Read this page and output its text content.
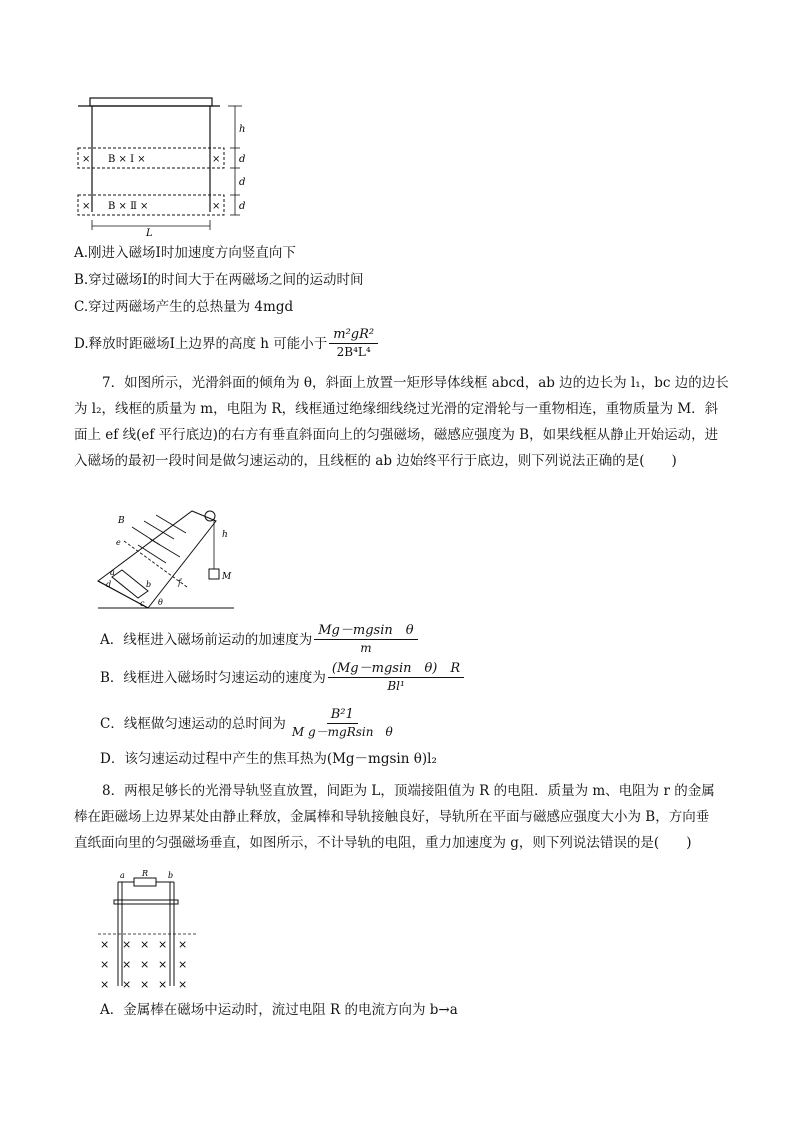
× B × Ⅰ ×	×
× B × Ⅱ ×	×
h
d
d
d
L
A.刚进入磁场Ⅰ时加速度方向竖直向下
B.穿过磁场Ⅰ的时间大于在两磁场之间的运动时间
C.穿过两磁场产生的总热量为 4mgd
D.释放时距磁场Ⅰ上边界的高度 h 可能小于 $\frac{\text{m²gR²}}{\text{2B⁴L⁴}}$
7．如图所示，光滑斜面的倾角为 θ，斜面上放置一矩形导体线框 abcd，ab 边的边长为 l₁，bc 边的边长
为 l₂，线框的质量为 m，电阻为 R，线框通过绝缘细线绕过光滑的定滑轮与一重物相连，重物质量为 M．斜
面上 ef 线(ef 平行底边)的右方有垂直斜面向上的匀强磁场，磁感应强度为 B，如果线框从静止开始运动，进
入磁场的最初一段时间是做匀速运动的，且线框的 ab 边始终平行于底边，则下列说法正确的是(　　)
B
e
f
a
b
c
d
h
M
θ
A．线框进入磁场前运动的加速度为 $\frac{\text{Mg－mgsin　θ}}{m}$
B．线框进入磁场时匀速运动的速度为 $\frac{\text{(Mg－mgsin　θ)　R}}{\text{Bl¹}}$
C．线框做匀速运动的总时间为 $\frac{\text{B²1}}{\text{M g－mgRsin　θ}}$
D．该匀速运动过程中产生的焦耳热为(Mg－mgsin θ)l₂
8．两根足够长的光滑导轨竖直放置，间距为 L，顶端接阻值为 R 的电阻．质量为 m、电阻为 r 的金属
棒在距磁场上边界某处由静止释放，金属棒和导轨接触良好，导轨所在平面与磁感应强度大小为 B，方向垂
直纸面向里的匀强磁场垂直，如图所示，不计导轨的电阻，重力加速度为 g，则下列说法错误的是(　　)
a R b
× × × × ×
× × × × ×
× × × × ×
A．金属棒在磁场中运动时，流过电阻 R 的电流方向为 b→a
